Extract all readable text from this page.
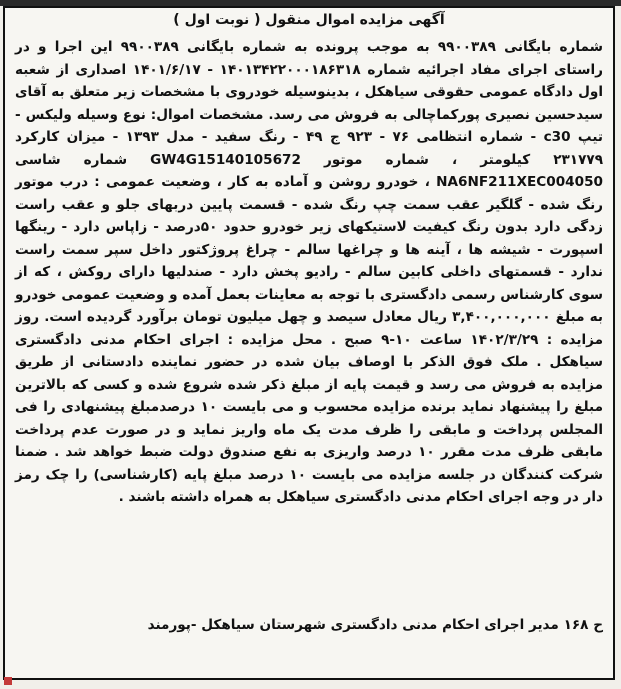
آگهی مزایده اموال منقول ( نوبت اول )

شماره بایگانی ۹۹۰۰۳۸۹ به موجب پرونده به شماره بایگانی ۹۹۰۰۳۸۹ این اجرا و در راستای اجرای مفاد اجرائیه شماره ۱۴۰۱۳۴۲۲۰۰۰۱۸۶۳۱۸ - ۱۴۰۱/۶/۱۷ اصداری از شعبه اول دادگاه عمومی حقوقی سیاهکل ، بدینوسیله خودروی با مشخصات زیر متعلق به آقای سیدحسین نصیری پورکماچالی به فروش می رسد. مشخصات اموال: نوع وسیله ولیکس - تیپ c30 - شماره انتظامی ۷۶ - ۹۲۳ ج ۴۹ - رنگ سفید - مدل ۱۳۹۳ - میزان کارکرد ۲۳۱۷۷۹ کیلومتر ، شماره موتور GW4G15140105672 شماره شاسی NA6NF211XEC004050 ، خودرو روشن و آماده به کار ، وضعیت عمومی : درب موتور رنگ شده - گلگیر عقب سمت چپ رنگ شده - قسمت پایین دربهای جلو و عقب راست زدگی دارد بدون رنگ کیفیت لاستیکهای زیر خودرو حدود ۵۰درصد - زاپاس دارد - رینگها اسپورت - شیشه ها ، آینه ها و چراغها سالم - چراغ پروژکتور داخل سپر سمت راست ندارد - قسمتهای داخلی کابین سالم - رادیو پخش دارد - صندلیها دارای روکش ، که از سوی کارشناس رسمی دادگستری با توجه به معاینات بعمل آمده و وضعیت عمومی خودرو به مبلغ ۳,۴۰۰,۰۰۰,۰۰۰ ریال معادل سیصد و چهل میلیون تومان برآورد گردیده است. روز مزایده : ۱۴۰۲/۳/۲۹ ساعت ۱۰-۹ صبح . محل مزایده : اجرای احکام مدنی دادگستری سیاهکل . ملک فوق الذکر با اوصاف بیان شده در حضور نماینده دادستانی از طریق مزایده به فروش می رسد و قیمت پایه از مبلغ ذکر شده شروع شده و کسی که بالاترین مبلغ را پیشنهاد نماید برنده مزایده محسوب و می بایست ۱۰ درصدمبلغ پیشنهادی را فی المجلس پرداخت و مابقی را ظرف مدت یک ماه واریز نماید و در صورت عدم پرداخت مابقی ظرف مدت مقرر ۱۰ درصد واریزی به نفع صندوق دولت ضبط خواهد شد . ضمنا شرکت کنندگان در جلسه مزایده می بایست ۱۰ درصد مبلغ پایه (کارشناسی) را چک رمز دار در وجه اجرای احکام مدنی دادگستری سیاهکل به همراه داشته باشند .

ح ۱۶۸ مدیر اجرای احکام مدنی دادگستری شهرستان سیاهکل -پورمند
